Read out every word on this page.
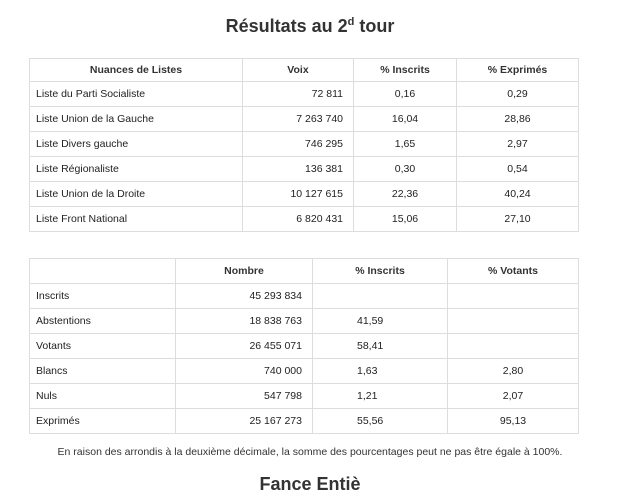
Résultats au 2$^d$ tour
Nuances de Listes	Voix	% Inscrits	% Exprimés
Liste du Parti Socialiste	72 811	0,16	0,29
Liste Union de la Gauche	7 263 740	16,04	28,86
Liste Divers gauche	746 295	1,65	2,97
Liste Régionaliste	136 381	0,30	0,54
Liste Union de la Droite	10 127 615	22,36	40,24
Liste Front National	6 820 431	15,06	27,10
	Nombre	% Inscrits	% Votants
Inscrits	45 293 834		
Abstentions	18 838 763	41,59	
Votants	26 455 071	58,41	
Blancs	740 000	1,63	2,80
Nuls	547 798	1,21	2,07
Exprimés	25 167 273	55,56	95,13
En raison des arrondis à la deuxième décimale, la somme des pourcentages peut ne pas être égale à 100%.
Fance Entiè
